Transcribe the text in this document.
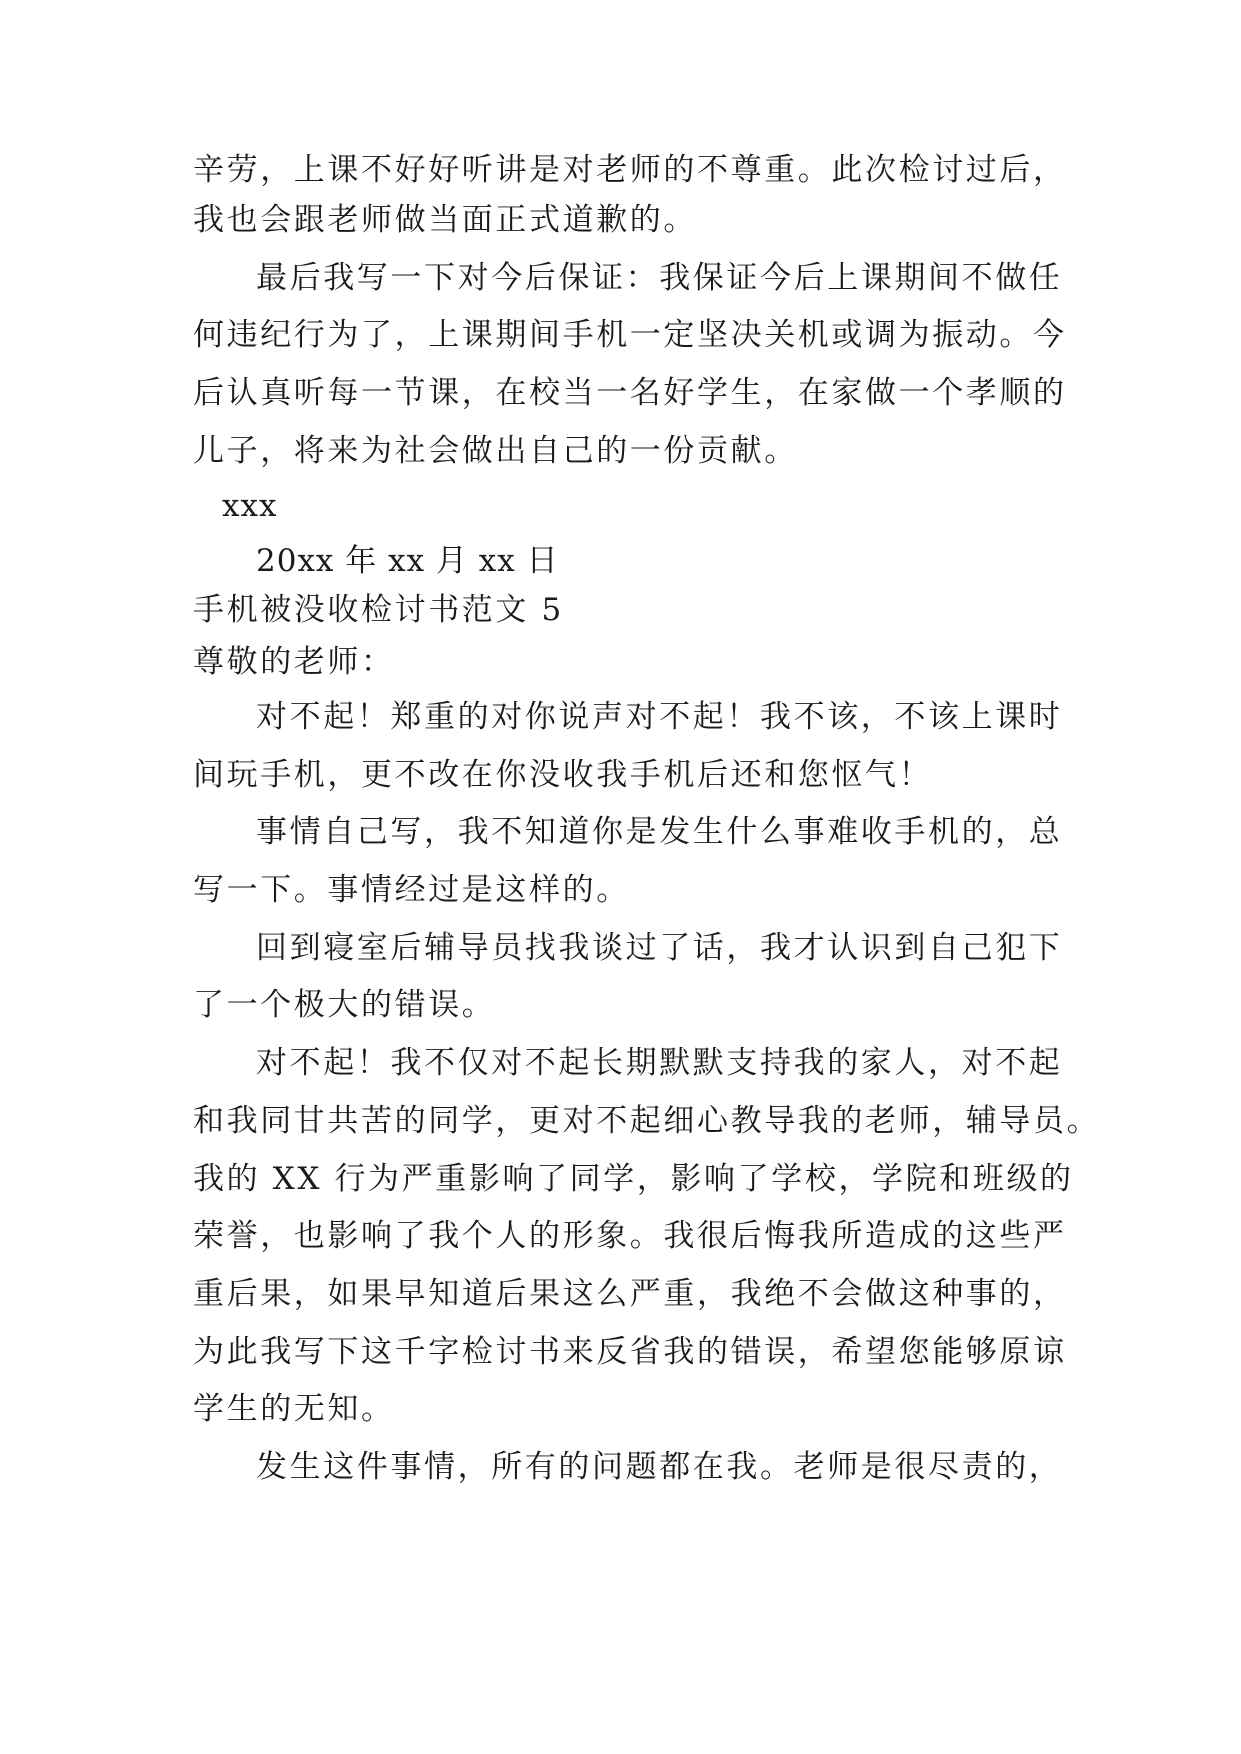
辛劳，上课不好好听讲是对老师的不尊重。此次检讨过后，
我也会跟老师做当面正式道歉的。
最后我写一下对今后保证：我保证今后上课期间不做任
何违纪行为了，上课期间手机一定坚决关机或调为振动。今
后认真听每一节课，在校当一名好学生，在家做一个孝顺的
儿子，将来为社会做出自己的一份贡献。
xxx
20xx 年 xx 月 xx 日
手机被没收检讨书范文 5
尊敬的老师：
对不起！郑重的对你说声对不起！我不该，不该上课时
间玩手机，更不改在你没收我手机后还和您怄气！
事情自己写，我不知道你是发生什么事难收手机的，总
写一下。事情经过是这样的。
回到寝室后辅导员找我谈过了话，我才认识到自己犯下
了一个极大的错误。
对不起！我不仅对不起长期默默支持我的家人，对不起
和我同甘共苦的同学，更对不起细心教导我的老师，辅导员。
我的 XX 行为严重影响了同学，影响了学校，学院和班级的
荣誉，也影响了我个人的形象。我很后悔我所造成的这些严
重后果，如果早知道后果这么严重，我绝不会做这种事的，
为此我写下这千字检讨书来反省我的错误，希望您能够原谅
学生的无知。
发生这件事情，所有的问题都在我。老师是很尽责的，
